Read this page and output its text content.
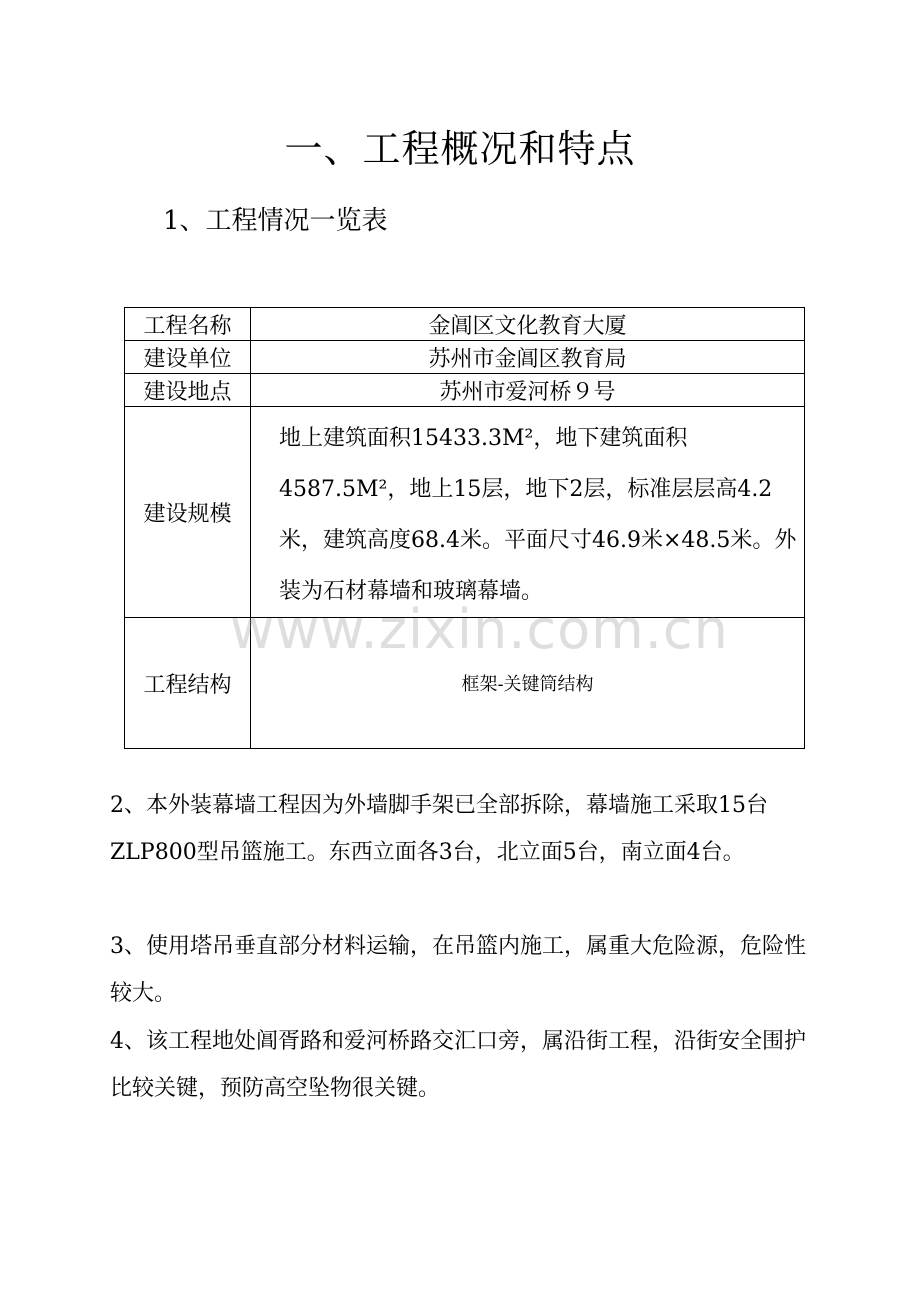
一、工程概况和特点
1、工程情况一览表
工程名称	金阊区文化教育大厦
建设单位	苏州市金阊区教育局
建设地点	苏州市爱河桥９号
建设规模	地上建筑面积15433.3M²，地下建筑面积4587.5M²，地上15层，地下2层，标准层层高4.2米，建筑高度68.4米。平面尺寸46.9米×48.5米。外装为石材幕墙和玻璃幕墙。
工程结构	框架-关键筒结构
www.zixin.com.cn

2、本外装幕墙工程因为外墙脚手架已全部拆除，幕墙施工采取15台ZLP800型吊篮施工。东西立面各3台，北立面5台，南立面4台。

3、使用塔吊垂直部分材料运输，在吊篮内施工，属重大危险源，危险性较大。

4、该工程地处阊胥路和爱河桥路交汇口旁，属沿街工程，沿街安全围护比较关键，预防高空坠物很关键。
